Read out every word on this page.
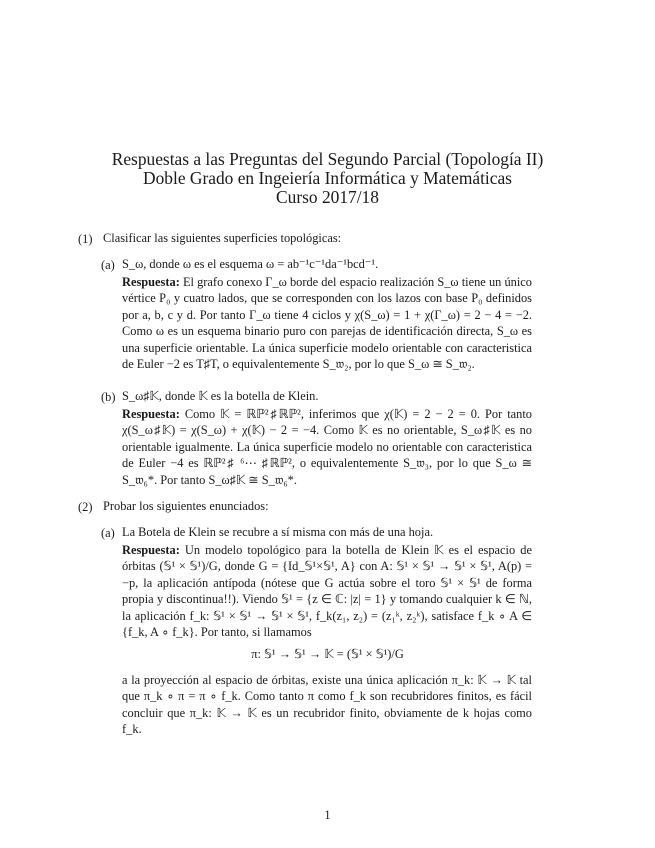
Respuestas a las Preguntas del Segundo Parcial (Topología II)
Doble Grado en Ingeiería Informática y Matemáticas
Curso 2017/18
(1) Clasificar las siguientes superficies topológicas:
(a) S_ω, donde ω es el esquema ω = ab⁻¹c⁻¹da⁻¹bcd⁻¹.
Respuesta: El grafo conexo Γ_ω borde del espacio realización S_ω tiene un único vértice P₀ y cuatro lados, que se corresponden con los lazos con base P₀ definidos por a, b, c y d. Por tanto Γ_ω tiene 4 ciclos y χ(S_ω) = 1 + χ(Γ_ω) = 2 − 4 = −2. Como ω es un esquema binario puro con parejas de identificación directa, S_ω es una superficie orientable. La única superficie modelo orientable con caracteristica de Euler −2 es T♯T, o equivalentemente S_𝔴₂, por lo que S_ω ≅ S_𝔴₂.
(b) S_ω♯𝕂, donde 𝕂 es la botella de Klein.
Respuesta: Como 𝕂 = ℝℙ²♯ℝℙ², inferimos que χ(𝕂) = 2 − 2 = 0. Por tanto χ(S_ω♯𝕂) = χ(S_ω) + χ(𝕂) − 2 = −4. Como 𝕂 es no orientable, S_ω♯𝕂 es no orientable igualmente. La única superficie modelo no orientable con caracteristica de Euler −4 es ℝℙ²♯ ⁶⋯ ♯ℝℙ², o equivalentemente S_𝔴₃, por lo que S_ω ≅ S_𝔴₆*. Por tanto S_ω♯𝕂 ≅ S_𝔴₆*.
(2) Probar los siguientes enunciados:
(a) La Botela de Klein se recubre a sí misma con más de una hoja.
Respuesta: Un modelo topológico para la botella de Klein 𝕂 es el espacio de órbitas (𝕊¹ × 𝕊¹)/G, donde G = {Id_𝕊¹×𝕊¹, A} con A: 𝕊¹ × 𝕊¹ → 𝕊¹ × 𝕊¹, A(p) = −p, la aplicación antípoda (nótese que G actúa sobre el toro 𝕊¹ × 𝕊¹ de forma propia y discontinua!!). Viendo 𝕊¹ = {z ∈ ℂ: |z| = 1} y tomando cualquier k ∈ ℕ, la aplicación f_k: 𝕊¹ × 𝕊¹ → 𝕊¹ × 𝕊¹, f_k(z₁, z₂) = (z₁ᵏ, z₂ᵏ), satisface f_k ∘ A ∈ {f_k, A ∘ f_k}. Por tanto, si llamamos
π: 𝕊¹ → 𝕊¹ → 𝕂 = (𝕊¹ × 𝕊¹)/G
a la proyección al espacio de órbitas, existe una única aplicación π_k: 𝕂 → 𝕂 tal que π_k ∘ π = π ∘ f_k. Como tanto π como f_k son recubridores finitos, es fácil concluir que π_k: 𝕂 → 𝕂 es un recubridor finito, obviamente de k hojas como f_k.
1
